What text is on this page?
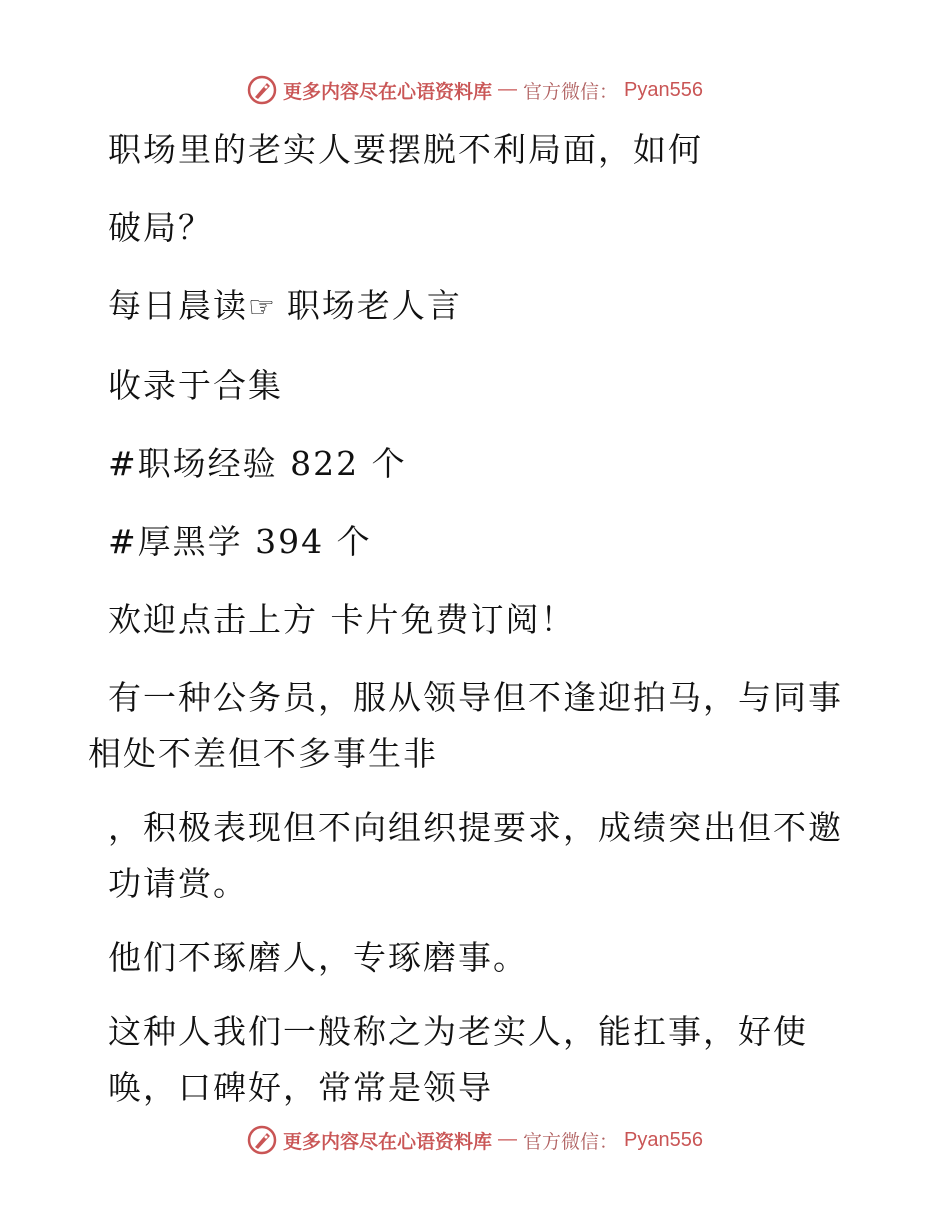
更多内容尽在心语资料库 — 官方微信： Pyan556
职场里的老实人要摆脱不利局面，如何
破局？
每日晨读☞ 职场老人言
收录于合集
#职场经验 822 个
#厚黑学 394 个
欢迎点击上方 卡片免费订阅！
有一种公务员，服从领导但不逢迎拍马，与同事
相处不差但不多事生非
，积极表现但不向组织提要求，成绩突出但不邀
功请赏。
他们不琢磨人，专琢磨事。
这种人我们一般称之为老实人，能扛事，好使
唤，口碑好，常常是领导
更多内容尽在心语资料库 — 官方微信： Pyan556
